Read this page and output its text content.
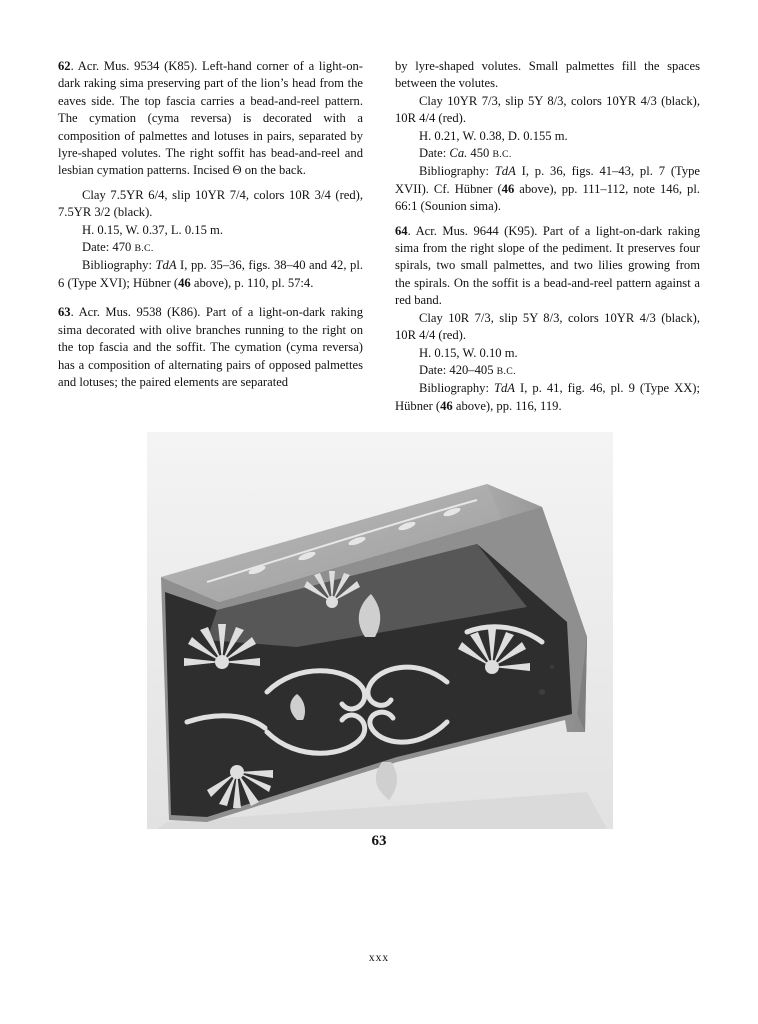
62. Acr. Mus. 9534 (K85). Left-hand corner of a light-on-dark raking sima preserving part of the lion’s head from the eaves side. The top fascia carries a bead-and-reel pattern. The cymation (cyma reversa) is decorated with a composition of palmettes and lotuses in pairs, separated by lyre-shaped volutes. The right soffit has bead-and-reel and lesbian cymation patterns. Incised Θ on the back.

Clay 7.5YR 6/4, slip 10YR 7/4, colors 10R 3/4 (red), 7.5YR 3/2 (black).

H. 0.15, W. 0.37, L. 0.15 m.

Date: 470 B.C.

Bibliography: TdA I, pp. 35–36, figs. 38–40 and 42, pl. 6 (Type XVI); Hübner (46 above), p. 110, pl. 57:4.

63. Acr. Mus. 9538 (K86). Part of a light-on-dark raking sima decorated with olive branches running to the right on the top fascia and the soffit. The cymation (cyma reversa) has a composition of alternating pairs of opposed palmettes and lotuses; the paired elements are separated

by lyre-shaped volutes. Small palmettes fill the spaces between the volutes.

Clay 10YR 7/3, slip 5Y 8/3, colors 10YR 4/3 (black), 10R 4/4 (red).

H. 0.21, W. 0.38, D. 0.155 m.

Date: Ca. 450 B.C.

Bibliography: TdA I, p. 36, figs. 41–43, pl. 7 (Type XVII). Cf. Hübner (46 above), pp. 111–112, note 146, pl. 66:1 (Sounion sima).

64. Acr. Mus. 9644 (K95). Part of a light-on-dark raking sima from the right slope of the pediment. It preserves four spirals, two small palmettes, and two lilies growing from the spirals. On the soffit is a bead-and-reel pattern against a red band.

Clay 10R 7/3, slip 5Y 8/3, colors 10YR 4/3 (black), 10R 4/4 (red).

H. 0.15, W. 0.10 m.

Date: 420–405 B.C.

Bibliography: TdA I, p. 41, fig. 46, pl. 9 (Type XX); Hübner (46 above), pp. 116, 119.

63
xxx
